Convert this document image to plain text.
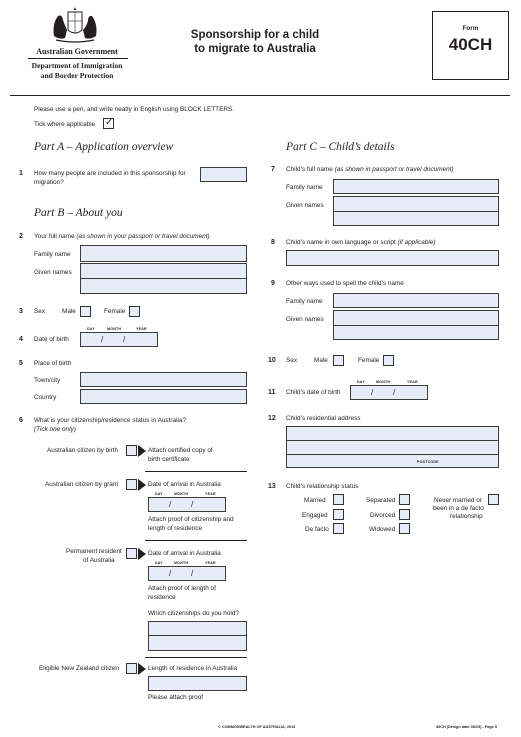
Australian Government
Department of Immigration
and Border Protection
Sponsorship for a child
to migrate to Australia
Form
40CH
Please use a pen, and write neatly in English using BLOCK LETTERS.
Tick where applicable ✓
Part A – Application overview
1 How many people are included in this sponsorship for
migration?
Part B – About you
2 Your full name (as shown in your passport or travel document)
Family name
Given names
3 Sex	Male	Female
4 Date of birth
DAY	MONTH	YEAR
/ /
5 Place of birth
Town/city
Country
6 What is your citizenship/residence status in Australia?
(Tick one only)
Australian citizen by birth	Attach certified copy of
birth certificate
Australian citizen by grant	Date of arrival in Australia
DAY	MONTH	YEAR
/ /
Attach proof of citizenship and
length of residence
Permanent resident
of Australia
Date of arrival in Australia
DAY	MONTH	YEAR
/ /
Attach proof of length of
residence
Which citizenships do you hold?
Eligible New Zealand citizen	Length of residence in Australia
Please attach proof
Part C – Child’s details
7 Child’s full name (as shown in passport or travel document)
Family name
Given names
8 Child’s name in own language or script (if applicable)
9 Other ways used to spell the child’s name
Family name
Given names
10 Sex	Male	Female
11 Child’s date of birth
DAY	MONTH	YEAR
/ /
12 Child’s residential address
POSTCODE
13 Child’s relationship status
Married
Engaged
De facto
Separated
Divorced
Widowed
Never married or
been in a de facto
relationship
© COMMONWEALTH OF AUSTRALIA, 2015	40CH (Design date 08/15) - Page 5
